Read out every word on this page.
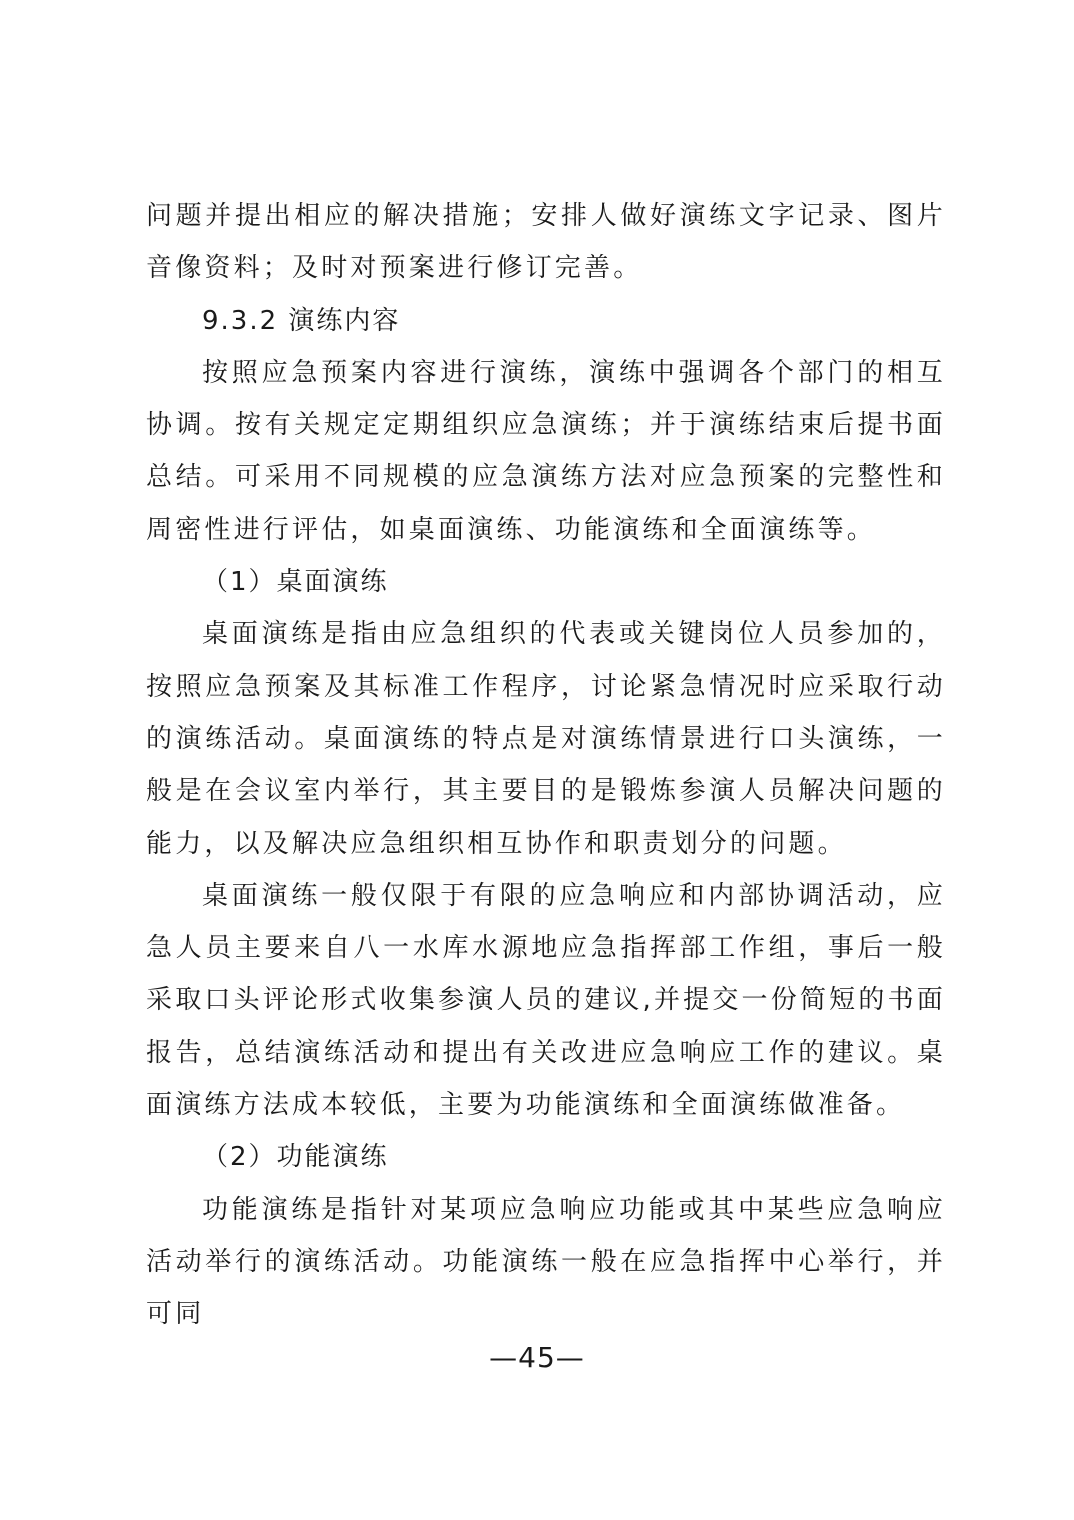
问题并提出相应的解决措施；安排人做好演练文字记录、图片音像资料；及时对预案进行修订完善。

9.3.2 演练内容

按照应急预案内容进行演练，演练中强调各个部门的相互协调。按有关规定定期组织应急演练；并于演练结束后提书面总结。可采用不同规模的应急演练方法对应急预案的完整性和周密性进行评估，如桌面演练、功能演练和全面演练等。

（1）桌面演练

桌面演练是指由应急组织的代表或关键岗位人员参加的，按照应急预案及其标准工作程序，讨论紧急情况时应采取行动的演练活动。桌面演练的特点是对演练情景进行口头演练，一般是在会议室内举行，其主要目的是锻炼参演人员解决问题的能力，以及解决应急组织相互协作和职责划分的问题。

桌面演练一般仅限于有限的应急响应和内部协调活动，应急人员主要来自八一水库水源地应急指挥部工作组，事后一般采取口头评论形式收集参演人员的建议,并提交一份简短的书面报告，总结演练活动和提出有关改进应急响应工作的建议。桌面演练方法成本较低，主要为功能演练和全面演练做准备。

（2）功能演练

功能演练是指针对某项应急响应功能或其中某些应急响应活动举行的演练活动。功能演练一般在应急指挥中心举行，并可同

—45—
